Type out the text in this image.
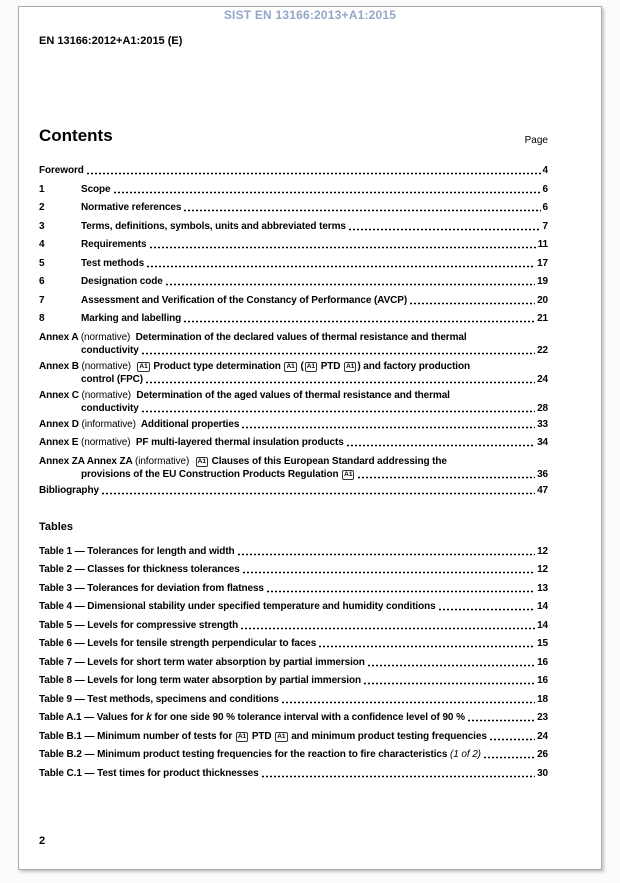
SIST EN 13166:2013+A1:2015
EN 13166:2012+A1:2015 (E)
Contents	Page
Foreword	4
1	Scope	6
2	Normative references	6
3	Terms, definitions, symbols, units and abbreviated terms	7
4	Requirements	11
5	Test methods	17
6	Designation code	19
7	Assessment and Verification of the Constancy of Performance (AVCP)	20
8	Marking and labelling	21
Annex A (normative)  Determination of the declared values of thermal resistance and thermal
conductivity	22
Annex B (normative) A1 Product type determination A1 ( A1 PTD A1 ) and factory production
control (FPC)	24
Annex C (normative)  Determination of the aged values of thermal resistance and thermal
conductivity	28
Annex D (informative)  Additional properties	33
Annex E (normative)  PF multi-layered thermal insulation products	34
Annex ZA Annex ZA (informative) A1 Clauses of this European Standard addressing the
provisions of the EU Construction Products Regulation A1	36
Bibliography	47
Tables
Table 1 — Tolerances for length and width	12
Table 2 — Classes for thickness tolerances	12
Table 3 — Tolerances for deviation from flatness	13
Table 4 — Dimensional stability under specified temperature and humidity conditions	14
Table 5 — Levels for compressive strength	14
Table 6 — Levels for tensile strength perpendicular to faces	15
Table 7 — Levels for short term water absorption by partial immersion	16
Table 8 — Levels for long term water absorption by partial immersion	16
Table 9 — Test methods, specimens and conditions	18
Table A.1 — Values for k for one side 90 % tolerance interval with a confidence level of 90 %	23
Table B.1 — Minimum number of tests for A1 PTD A1 and minimum product testing frequencies	24
Table B.2 — Minimum product testing frequencies for the reaction to fire characteristics (1 of 2)	26
Table C.1 — Test times for product thicknesses	30
2
